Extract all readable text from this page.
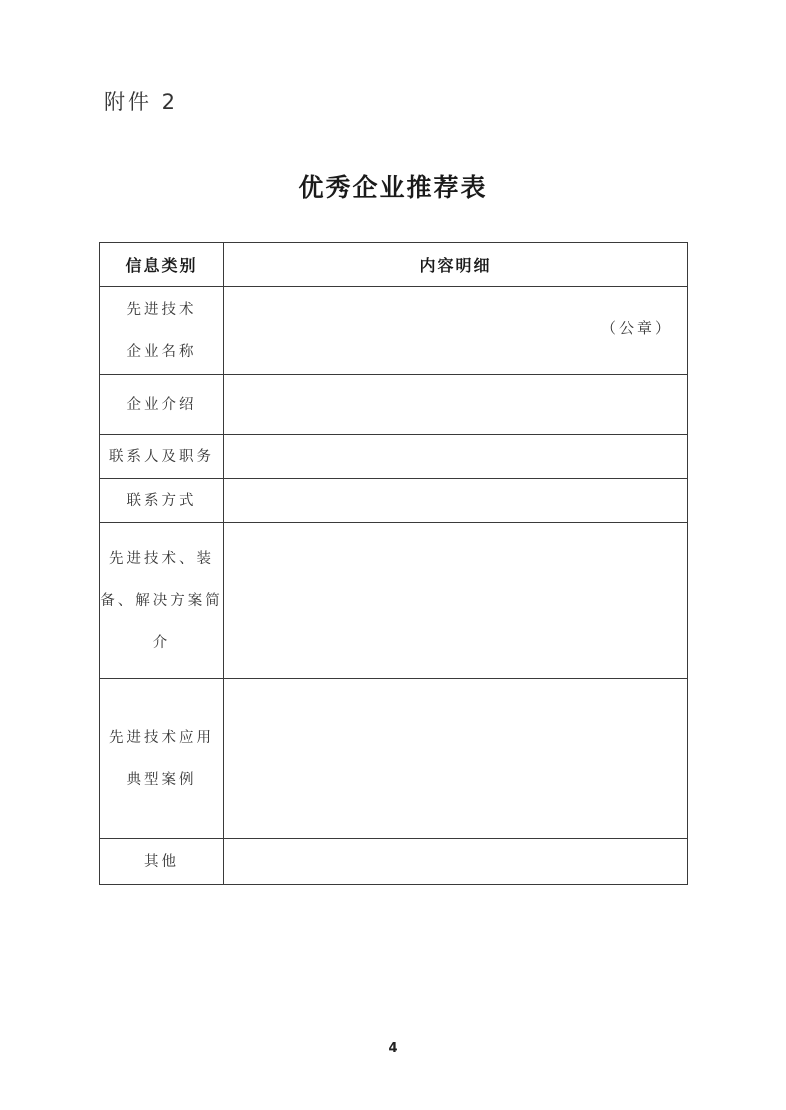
附件 2
优秀企业推荐表
信息类别	内容明细

先进技术
企业名称	（公章）

企业介绍	

联系人及职务	

联系方式	

先进技术、装
备、解决方案简
介	

先进技术应用
典型案例	

其他	

4
